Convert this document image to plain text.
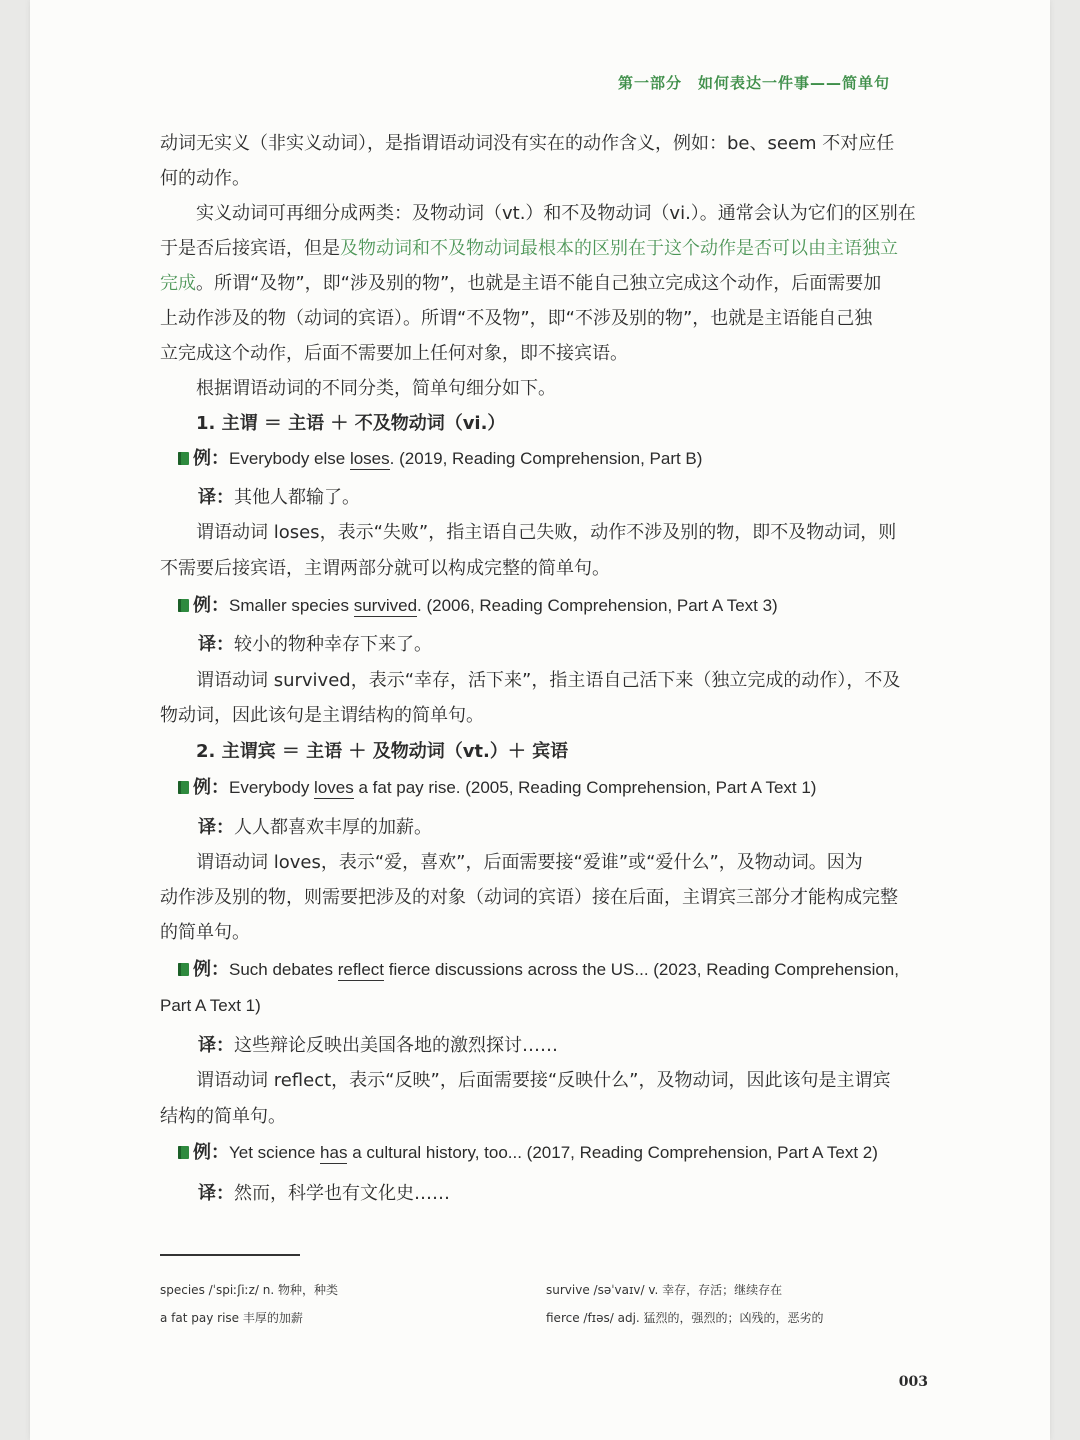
第一部分　如何表达一件事——简单句
动词无实义（非实义动词），是指谓语动词没有实在的动作含义，例如：be、seem 不对应任
何的动作。
实义动词可再细分成两类：及物动词（vt.）和不及物动词（vi.）。通常会认为它们的区别在
于是否后接宾语，但是及物动词和不及物动词最根本的区别在于这个动作是否可以由主语独立
完成。所谓“及物”，即“涉及别的物”，也就是主语不能自己独立完成这个动作，后面需要加
上动作涉及的物（动词的宾语）。所谓“不及物”，即“不涉及别的物”，也就是主语能自己独
立完成这个动作，后面不需要加上任何对象，即不接宾语。
根据谓语动词的不同分类，简单句细分如下。
1. 主谓 ＝ 主语 ＋ 不及物动词（vi.）
例：Everybody else loses. (2019, Reading Comprehension, Part B)
译：其他人都输了。
谓语动词 loses，表示“失败”，指主语自己失败，动作不涉及别的物，即不及物动词，则
不需要后接宾语，主谓两部分就可以构成完整的简单句。
例：Smaller species survived. (2006, Reading Comprehension, Part A Text 3)
译：较小的物种幸存下来了。
谓语动词 survived，表示“幸存，活下来”，指主语自己活下来（独立完成的动作），不及
物动词，因此该句是主谓结构的简单句。
2. 主谓宾 ＝ 主语 ＋ 及物动词（vt.）＋ 宾语
例：Everybody loves a fat pay rise. (2005, Reading Comprehension, Part A Text 1)
译：人人都喜欢丰厚的加薪。
谓语动词 loves，表示“爱，喜欢”，后面需要接“爱谁”或“爱什么”，及物动词。因为
动作涉及别的物，则需要把涉及的对象（动词的宾语）接在后面，主谓宾三部分才能构成完整
的简单句。
例：Such debates reflect fierce discussions across the US... (2023, Reading Comprehension,
Part A Text 1)
译：这些辩论反映出美国各地的激烈探讨……
谓语动词 reflect，表示“反映”，后面需要接“反映什么”，及物动词，因此该句是主谓宾
结构的简单句。
例：Yet science has a cultural history, too... (2017, Reading Comprehension, Part A Text 2)
译：然而，科学也有文化史……
species /ˈspiːʃiːz/ n. 物种，种类	survive /səˈvaɪv/ v. 幸存，存活；继续存在
a fat pay rise 丰厚的加薪	fierce /fɪəs/ adj. 猛烈的，强烈的；凶残的，恶劣的
003
